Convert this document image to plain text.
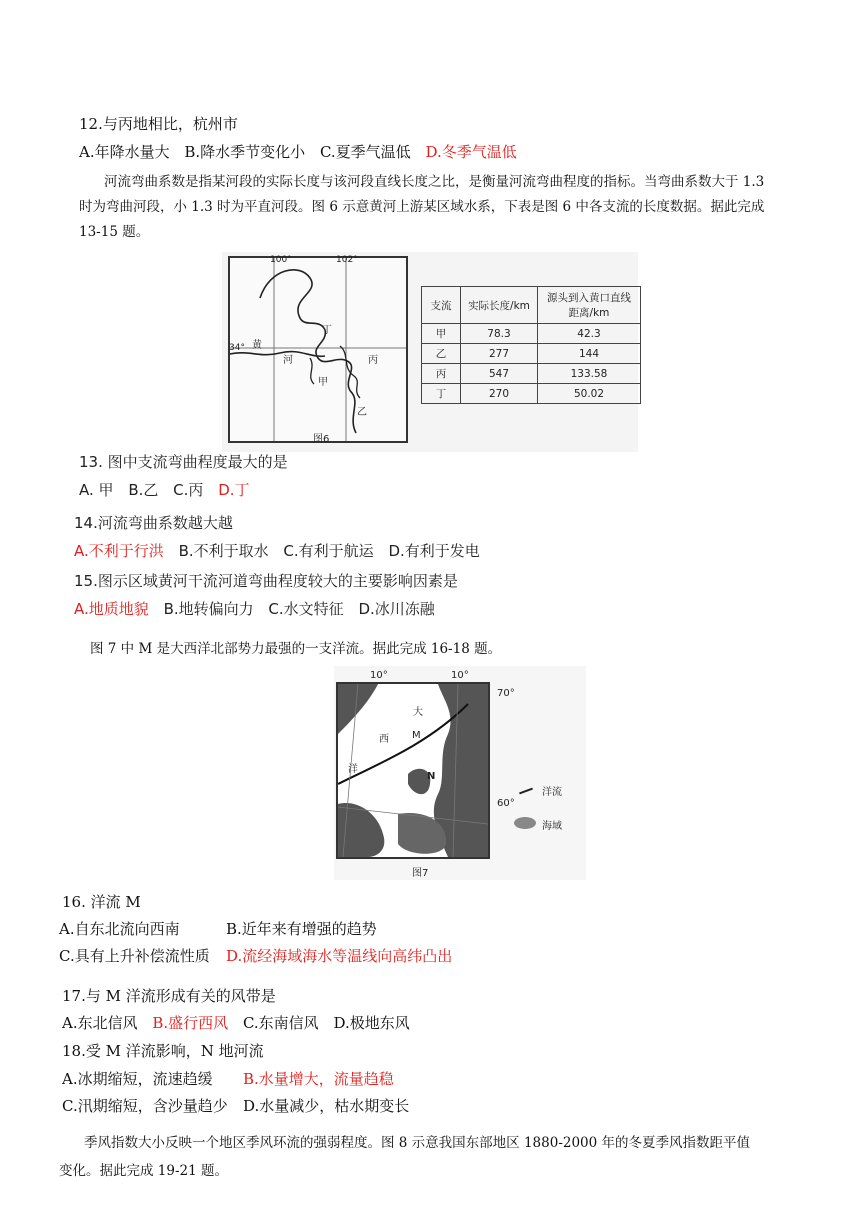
12.与丙地相比，杭州市
A.年降水量大 B.降水季节变化小 C.夏季气温低 D.冬季气温低
河流弯曲系数是指某河段的实际长度与该河段直线长度之比，是衡量河流弯曲程度的指标。当弯曲系数大于 1.3
时为弯曲河段，小 1.3 时为平直河段。图 6 示意黄河上游某区域水系，下表是图 6 中各支流的长度数据。据此完成
13-15 题。
100°	102°
34° 黄
河
丁
丙
甲
乙
图6
支流	实际长度/km	源头到入黄口直线距离/km
甲	78.3	42.3
乙	277	144
丙	547	133.58
丁	270	50.02
13. 图中支流弯曲程度最大的是
A. 甲 B.乙 C.丙 D.丁
14.河流弯曲系数越大越
A.不利于行洪 B.不利于取水 C.有利于航运 D.有利于发电
15.图示区域黄河干流河道弯曲程度较大的主要影响因素是
A.地质地貌 B.地转偏向力 C.水文特征 D.冰川冻融
图 7 中 M 是大西洋北部势力最强的一支洋流。据此完成 16-18 题。
10°	10°
70°
60°
大
西 M
洋
N
洋流
海域
图7
16. 洋流 M
A.自东北流向西南	B.近年来有增强的趋势
C.具有上升补偿流性质 D.流经海域海水等温线向高纬凸出
17.与 M 洋流形成有关的风带是
A.东北信风 B.盛行西风 C.东南信风 D.极地东风
18.受 M 洋流影响，N 地河流
A.冰期缩短，流速趋缓 B.水量增大，流量趋稳
C.汛期缩短，含沙量趋少 D.水量减少，枯水期变长
季风指数大小反映一个地区季风环流的强弱程度。图 8 示意我国东部地区 1880-2000 年的冬夏季风指数距平值
变化。据此完成 19-21 题。
